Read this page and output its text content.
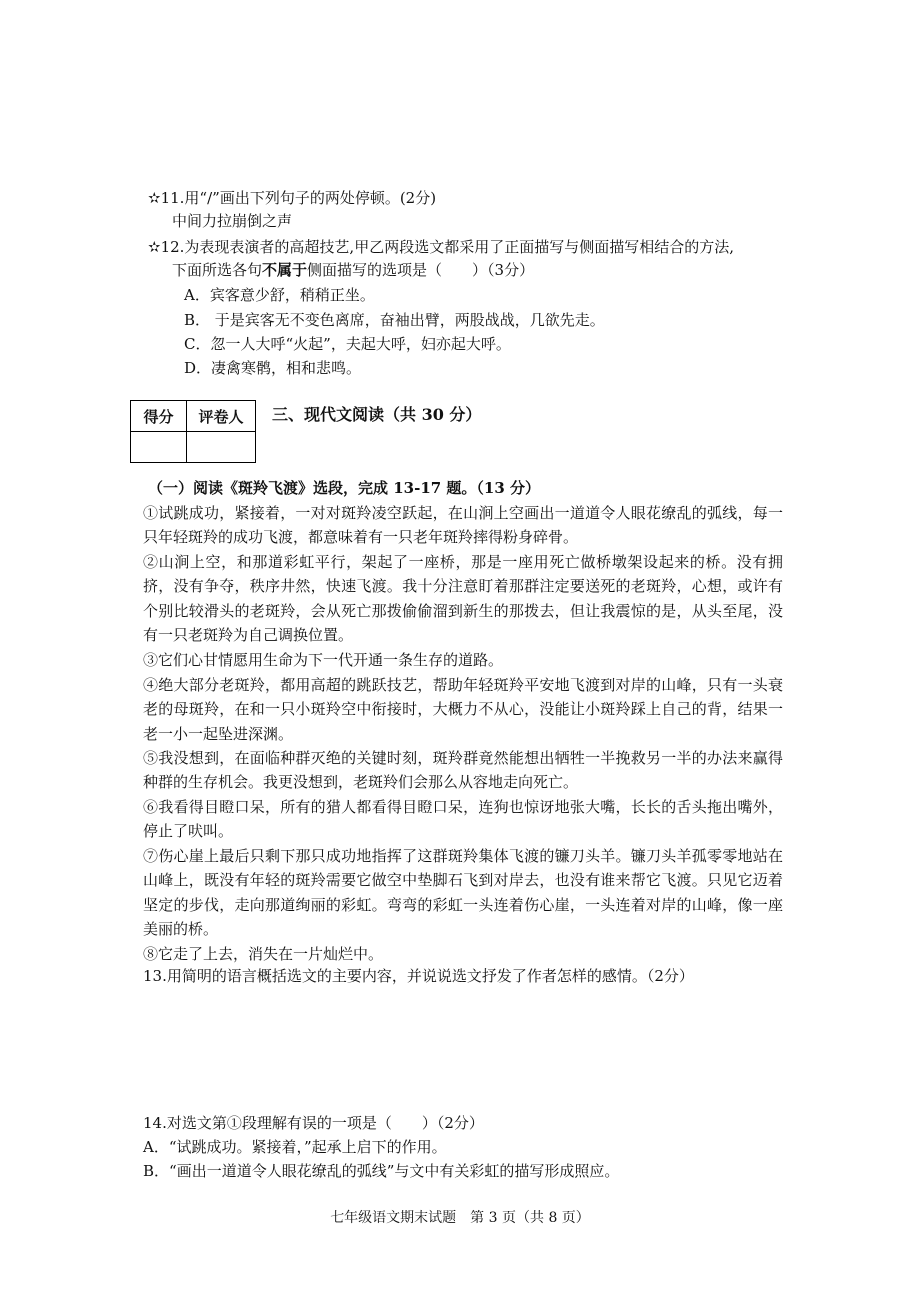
✫11.用“/”画出下列句子的两处停顿。(2分)
中间力拉崩倒之声
✫12.为表现表演者的高超技艺,甲乙两段选文都采用了正面描写与侧面描写相结合的方法,
下面所选各句不属于侧面描写的选项是（　　）（3分）
A．宾客意少舒，稍稍正坐。
B． 于是宾客无不变色离席，奋袖出臂，两股战战，几欲先走。
C．忽一人大呼“火起”，夫起大呼，妇亦起大呼。
D．凄禽寒鹘，相和悲鸣。
得分	评卷人
	三、现代文阅读（共 30 分）
（一）阅读《斑羚飞渡》选段，完成 13-17 题。（13 分）
①试跳成功，紧接着，一对对斑羚凌空跃起，在山涧上空画出一道道令人眼花缭乱的弧线，每一只年轻斑羚的成功飞渡，都意味着有一只老年斑羚摔得粉身碎骨。
②山涧上空，和那道彩虹平行，架起了一座桥，那是一座用死亡做桥墩架设起来的桥。没有拥挤，没有争夺，秩序井然，快速飞渡。我十分注意盯着那群注定要送死的老斑羚，心想，或许有个别比较滑头的老斑羚，会从死亡那拨偷偷溜到新生的那拨去，但让我震惊的是，从头至尾，没有一只老斑羚为自己调换位置。
③它们心甘情愿用生命为下一代开通一条生存的道路。
④绝大部分老斑羚，都用高超的跳跃技艺，帮助年轻斑羚平安地飞渡到对岸的山峰，只有一头衰老的母斑羚，在和一只小斑羚空中衔接时，大概力不从心，没能让小斑羚踩上自己的背，结果一老一小一起坠进深渊。
⑤我没想到，在面临种群灭绝的关键时刻，斑羚群竟然能想出牺牲一半挽救另一半的办法来赢得种群的生存机会。我更没想到，老斑羚们会那么从容地走向死亡。
⑥我看得目瞪口呆，所有的猎人都看得目瞪口呆，连狗也惊讶地张大嘴，长长的舌头拖出嘴外，停止了吠叫。
⑦伤心崖上最后只剩下那只成功地指挥了这群斑羚集体飞渡的镰刀头羊。镰刀头羊孤零零地站在山峰上，既没有年轻的斑羚需要它做空中垫脚石飞到对岸去，也没有谁来帮它飞渡。只见它迈着坚定的步伐，走向那道绚丽的彩虹。弯弯的彩虹一头连着伤心崖，一头连着对岸的山峰，像一座美丽的桥。
⑧它走了上去，消失在一片灿烂中。
13.用简明的语言概括选文的主要内容，并说说选文抒发了作者怎样的感情。（2分）
14.对选文第①段理解有误的一项是（　　）（2分）
A．“试跳成功。紧接着，”起承上启下的作用。
B．“画出一道道令人眼花缭乱的弧线”与文中有关彩虹的描写形成照应。
七年级语文期末试题　第 3 页（共 8 页）
